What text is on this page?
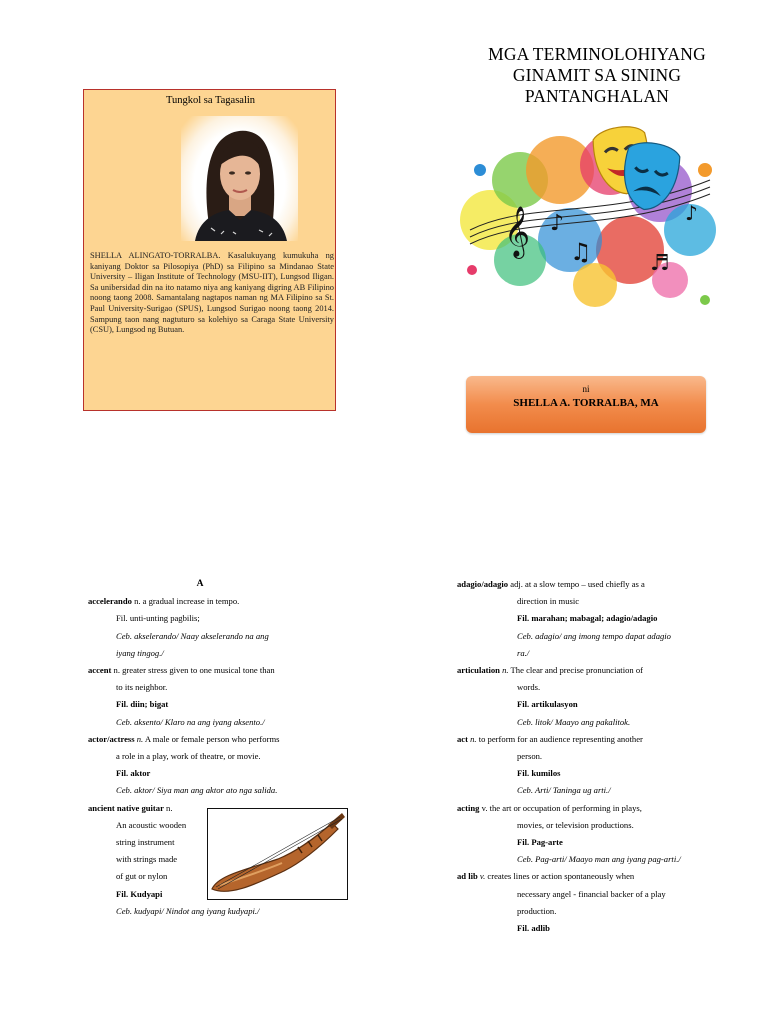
Tungkol sa Tagasalin
SHELLA ALINGATO-TORRALBA. Kasalukuyang kumukuha ng kaniyang Doktor sa Pilosopiya (PhD) sa Filipino sa Mindanao State University – Iligan Institute of Technology (MSU-IIT), Lungsod Iligan. Sa unibersidad din na ito natamo niya ang kaniyang digring AB Filipino noong taong 2008. Samantalang nagtapos naman ng MA Filipino sa St. Paul University-Surigao (SPUS), Lungsod Surigao noong taong 2014. Sampung taon nang nagtuturo sa kolehiyo sa Caraga State University (CSU), Lungsod ng Butuan.
MGA TERMINOLOHIYANG
GINAMIT SA SINING
PANTANGHALAN
𝄞 ♪
♫	♬
♪
ni
SHELLA A. TORRALBA, MA
A
accelerando n. a gradual increase in tempo.
Fil. unti-unting pagbilis;
Ceb. akselerando/ Naay akselerando na ang
iyang tingog./
accent n. greater stress given to one musical tone than
to its neighbor.
Fil. diin; bigat
Ceb. aksento/ Klaro na ang iyang aksento./
actor/actress n. A male or female person who performs
a role in a play, work of theatre, or movie.
Fil. aktor
Ceb. aktor/ Siya man ang aktor ato nga salida.
ancient native guitar n.
An acoustic wooden
string instrument
with strings made
of gut or nylon
Fil. Kudyapi
Ceb. kudyapi/ Nindot ang iyang kudyapi./
adagio/adagio adj. at a slow tempo – used chiefly as a
direction in music
Fil. marahan; mabagal; adagio/adagio
Ceb. adagio/ ang imong tempo dapat adagio
ra./
articulation n. The clear and precise pronunciation of
words.
Fil. artikulasyon
Ceb. litok/ Maayo ang pakalitok.
act n. to perform for an audience representing another
person.
Fil. kumilos
Ceb. Arti/ Taninga ug arti./
acting v. the art or occupation of performing in plays,
movies, or television productions.
Fil. Pag-arte
Ceb. Pag-arti/ Maayo man ang iyang pag-arti./
ad lib v. creates lines or action spontaneously when
necessary angel - financial backer of a play
production.
Fil. adlib
